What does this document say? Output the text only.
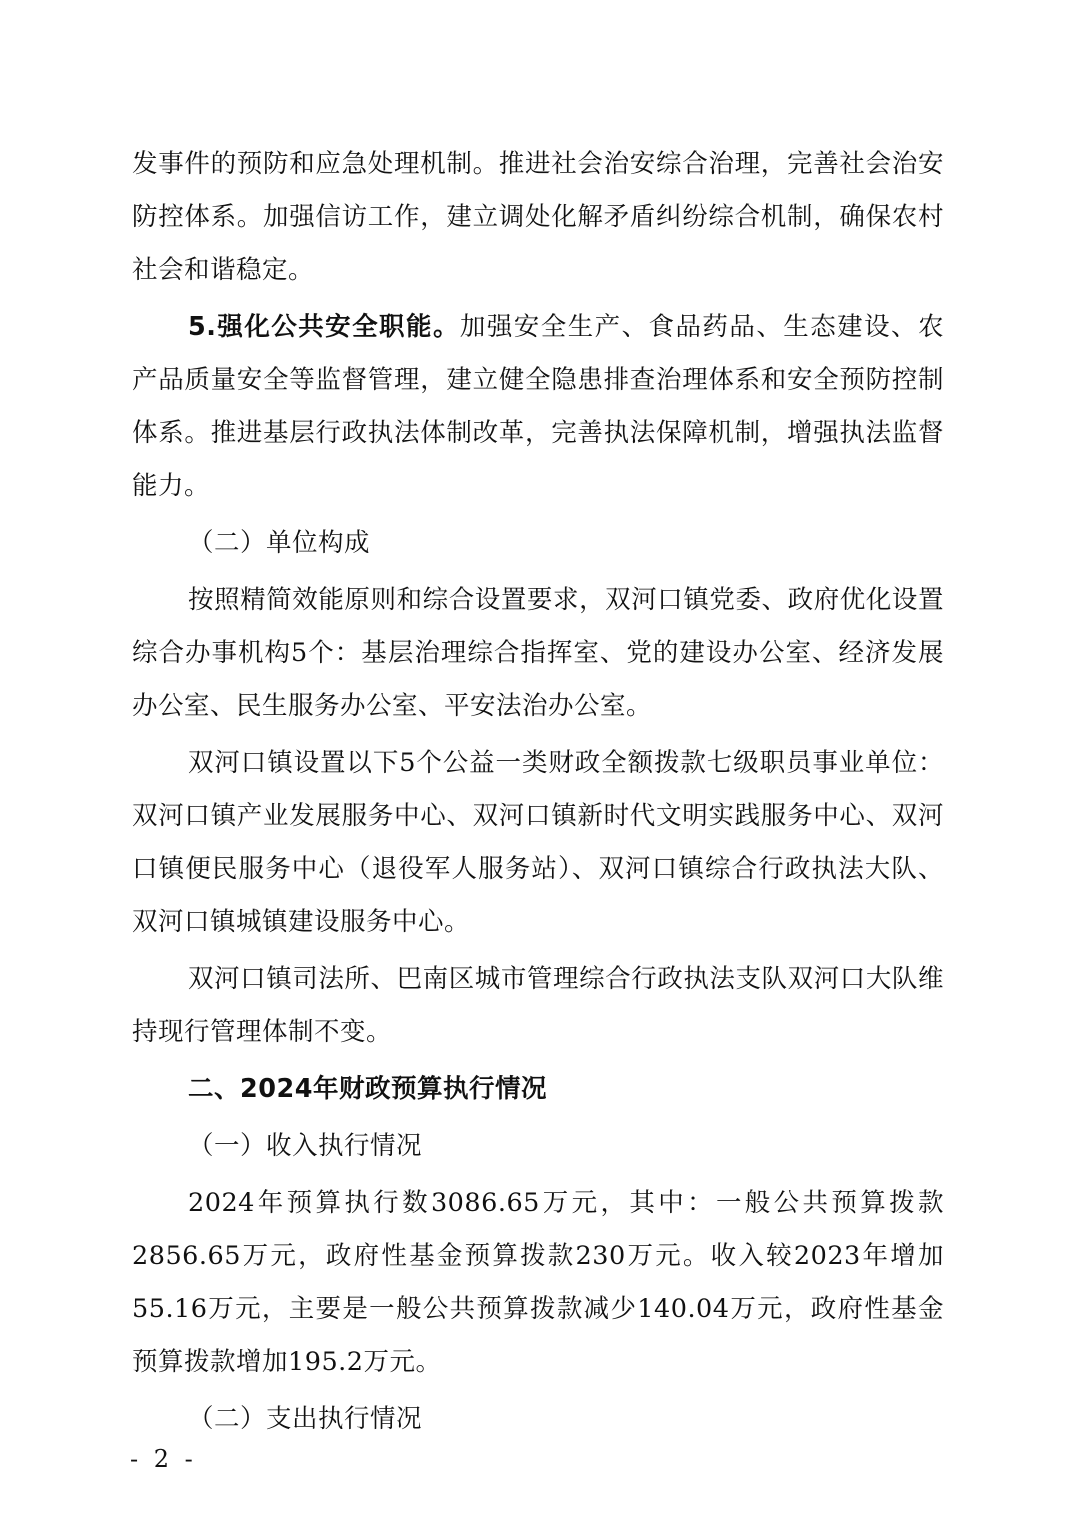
发事件的预防和应急处理机制。推进社会治安综合治理，完善社会治安防控体系。加强信访工作，建立调处化解矛盾纠纷综合机制，确保农村社会和谐稳定。

5.强化公共安全职能。加强安全生产、食品药品、生态建设、农产品质量安全等监督管理，建立健全隐患排查治理体系和安全预防控制体系。推进基层行政执法体制改革，完善执法保障机制，增强执法监督能力。

（二）单位构成

按照精简效能原则和综合设置要求，双河口镇党委、政府优化设置综合办事机构5个：基层治理综合指挥室、党的建设办公室、经济发展办公室、民生服务办公室、平安法治办公室。

双河口镇设置以下5个公益一类财政全额拨款七级职员事业单位：双河口镇产业发展服务中心、双河口镇新时代文明实践服务中心、双河口镇便民服务中心（退役军人服务站）、双河口镇综合行政执法大队、双河口镇城镇建设服务中心。

双河口镇司法所、巴南区城市管理综合行政执法支队双河口大队维持现行管理体制不变。

二、2024年财政预算执行情况

（一）收入执行情况

2024年预算执行数3086.65万元，其中：一般公共预算拨款2856.65万元，政府性基金预算拨款230万元。收入较2023年增加55.16万元，主要是一般公共预算拨款减少140.04万元，政府性基金预算拨款增加195.2万元。

（二）支出执行情况

- 2 -
